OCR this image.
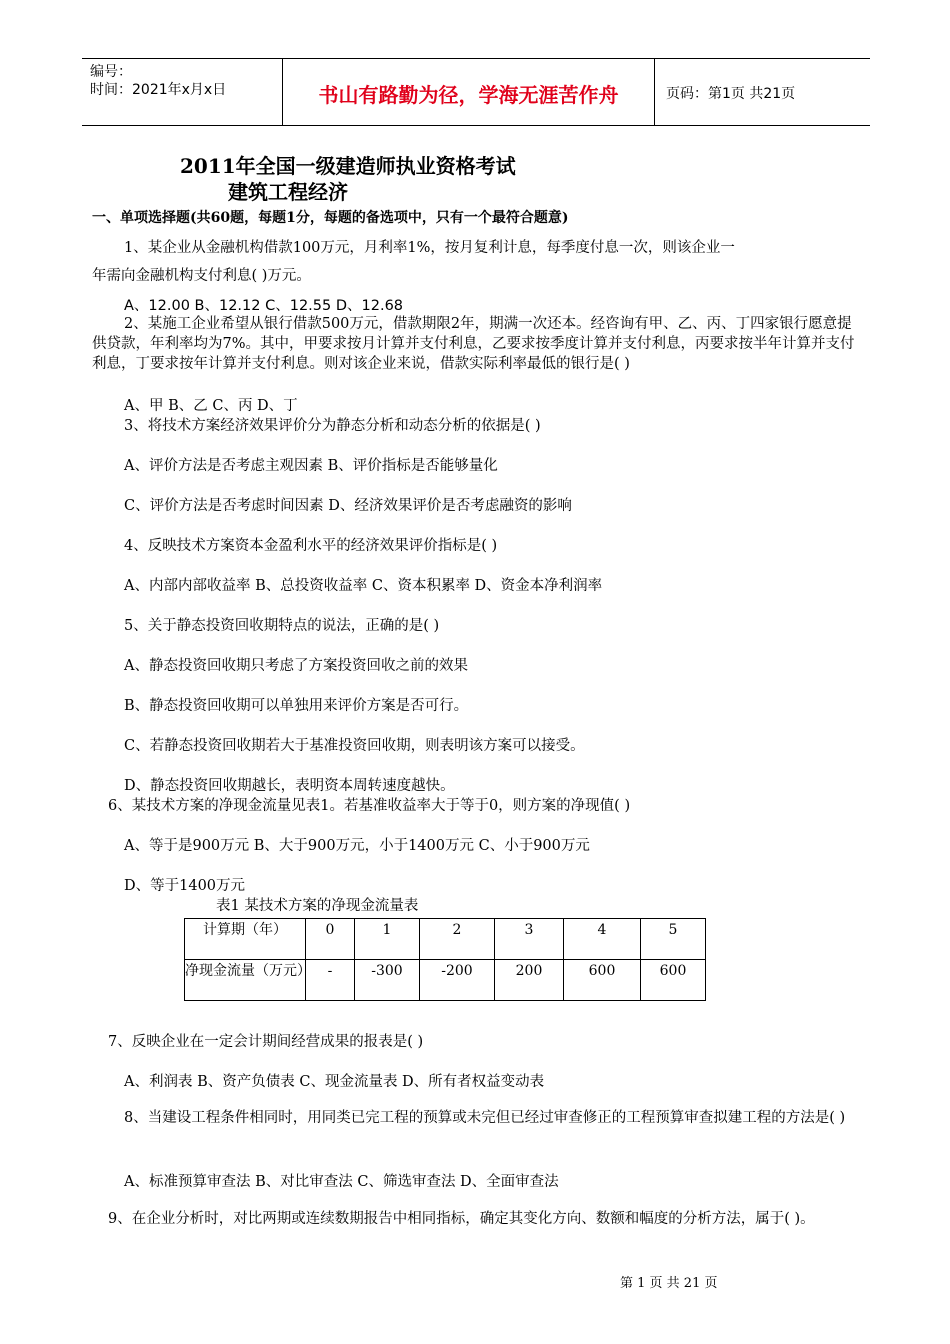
编号：
时间：2021年x月x日	书山有路勤为径，学海无涯苦作舟	页码：第1页 共21页
2011年全国一级建造师执业资格考试
建筑工程经济
一、单项选择题(共60题，每题1分，每题的备选项中，只有一个最符合题意)
1、某企业从金融机构借款100万元，月利率1%，按月复利计息，每季度付息一次，则该企业一
年需向金融机构支付利息( )万元。
A、12.00 B、12.12 C、12.55 D、12.68
2、某施工企业希望从银行借款500万元，借款期限2年，期满一次还本。经咨询有甲、乙、丙、丁四家银行愿意提供贷款，年利率均为7%。其中，甲要求按月计算并支付利息，乙要求按季度计算并支付利息，丙要求按半年计算并支付利息，丁要求按年计算并支付利息。则对该企业来说，借款实际利率最低的银行是( )
A、甲 B、乙 C、丙 D、丁
3、将技术方案经济效果评价分为静态分析和动态分析的依据是( )
A、评价方法是否考虑主观因素 B、评价指标是否能够量化
C、评价方法是否考虑时间因素 D、经济效果评价是否考虑融资的影响
4、反映技术方案资本金盈利水平的经济效果评价指标是( )
A、内部内部收益率 B、总投资收益率 C、资本积累率 D、资金本净利润率
5、关于静态投资回收期特点的说法，正确的是( )
A、静态投资回收期只考虑了方案投资回收之前的效果
B、静态投资回收期可以单独用来评价方案是否可行。
C、若静态投资回收期若大于基准投资回收期，则表明该方案可以接受。
D、静态投资回收期越长，表明资本周转速度越快。
6、某技术方案的净现金流量见表1。若基准收益率大于等于0，则方案的净现值( )
A、等于是900万元 B、大于900万元，小于1400万元 C、小于900万元
D、等于1400万元
表1 某技术方案的净现金流量表
计算期（年）	0	1	2	3	4	5
净现金流量（万元）	-	-300	-200	200	600	600
7、反映企业在一定会计期间经营成果的报表是( )
A、利润表 B、资产负债表 C、现金流量表 D、所有者权益变动表
8、当建设工程条件相同时，用同类已完工程的预算或未完但已经过审查修正的工程预算审查拟建工程的方法是( )
A、标准预算审查法 B、对比审查法 C、筛选审查法 D、全面审查法
9、在企业分析时，对比两期或连续数期报告中相同指标，确定其变化方向、数额和幅度的分析方法，属于( )。
第 1 页 共 21 页
